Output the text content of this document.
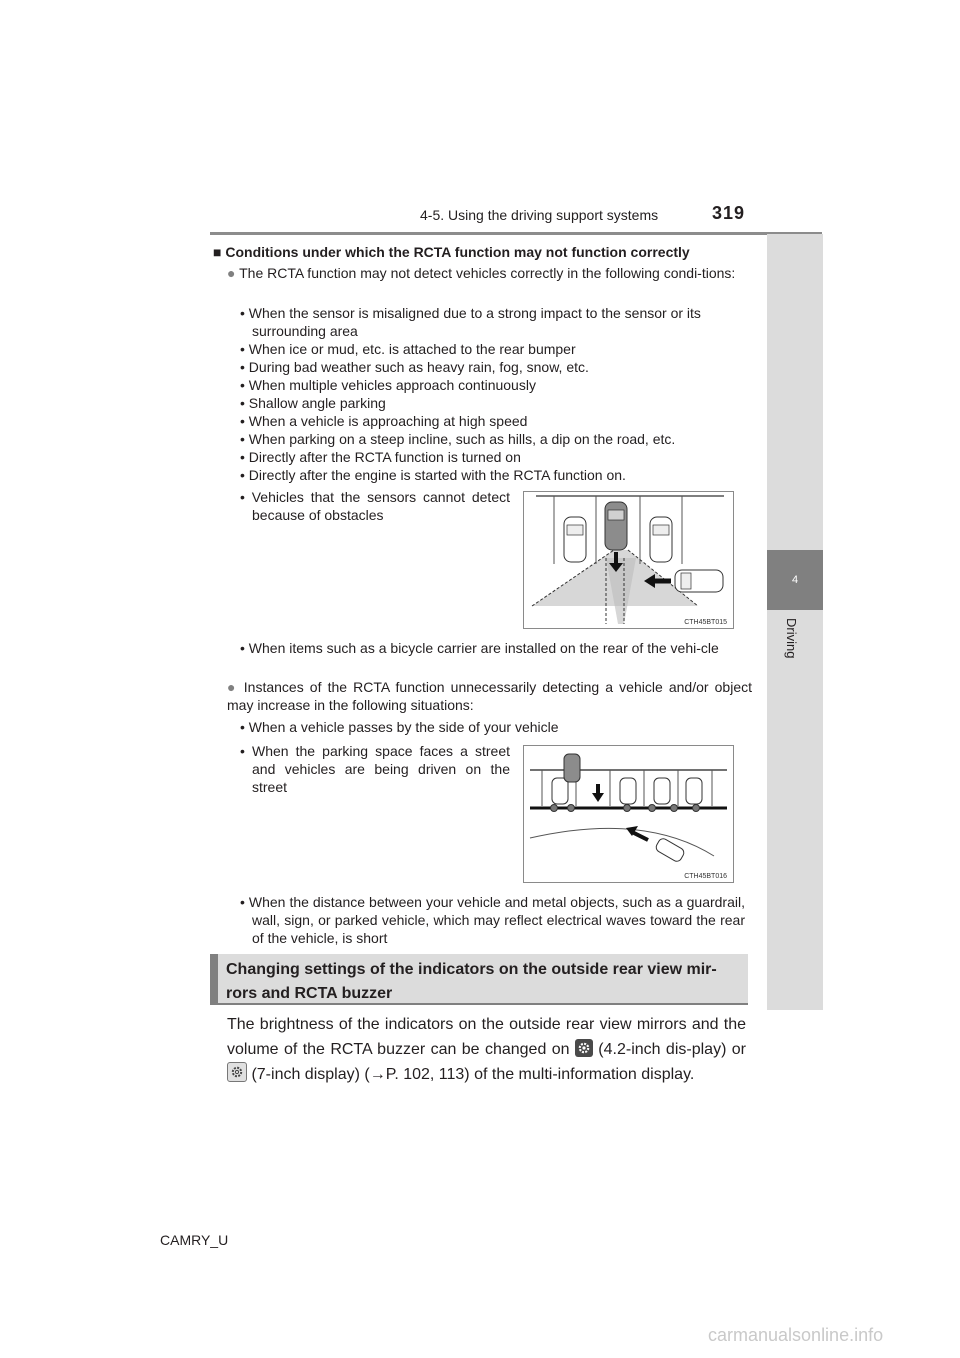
4-5. Using the driving support systems	319
4
Driving
■ Conditions under which the RCTA function may not function correctly
● The RCTA function may not detect vehicles correctly in the following condi-tions:
• When the sensor is misaligned due to a strong impact to the sensor or its surrounding area
• When ice or mud, etc. is attached to the rear bumper
• During bad weather such as heavy rain, fog, snow, etc.
• When multiple vehicles approach continuously
• Shallow angle parking
• When a vehicle is approaching at high speed
• When parking on a steep incline, such as hills, a dip on the road, etc.
• Directly after the RCTA function is turned on
• Directly after the engine is started with the RCTA function on.
• Vehicles that the sensors cannot detect because of obstacles
CTH45BT015
• When items such as a bicycle carrier are installed on the rear of the vehi-cle
● Instances of the RCTA function unnecessarily detecting a vehicle and/or object may increase in the following situations:
• When a vehicle passes by the side of your vehicle
• When the parking space faces a street and vehicles are being driven on the street
CTH45BT016
• When the distance between your vehicle and metal objects, such as a guardrail, wall, sign, or parked vehicle, which may reflect electrical waves toward the rear of the vehicle, is short
Changing settings of the indicators on the outside rear view mir-rors and RCTA buzzer
The brightness of the indicators on the outside rear view mirrors and the volume of the RCTA buzzer can be changed on (4.2-inch dis-play) or
(7-inch display) (→P. 102, 113) of the multi-information display.
CAMRY_U
carmanualsonline.info
